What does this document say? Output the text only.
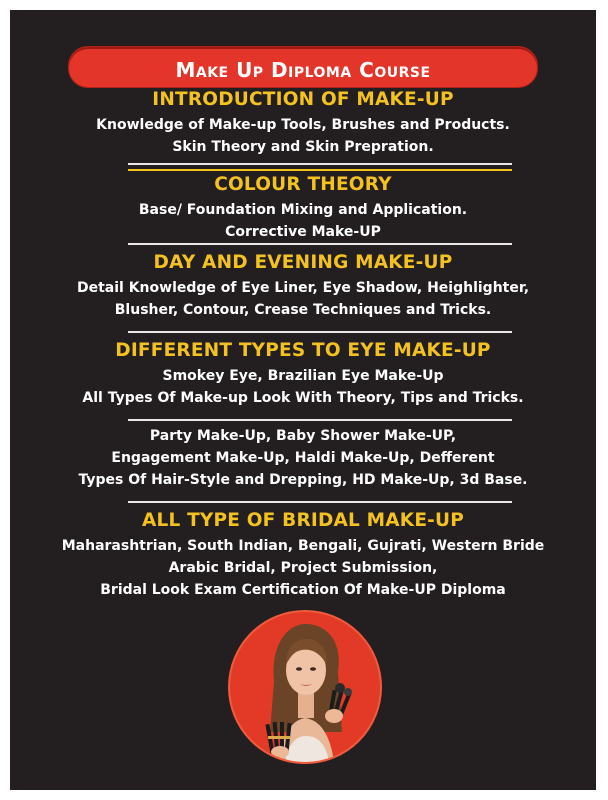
Make Up Diploma Course
INTRODUCTION OF MAKE-UP
Knowledge of Make-up Tools, Brushes and Products.
Skin Theory and Skin Prepration.
COLOUR THEORY
Base/ Foundation Mixing and Application.
Corrective Make-UP
DAY AND EVENING MAKE-UP
Detail Knowledge of Eye Liner, Eye Shadow, Heighlighter,
Blusher, Contour, Crease Techniques and Tricks.
DIFFERENT TYPES TO EYE MAKE-UP
Smokey Eye, Brazilian Eye Make-Up
All Types Of Make-up Look With Theory, Tips and Tricks.
Party Make-Up, Baby Shower Make-UP,
Engagement Make-Up, Haldi Make-Up, Defferent
Types Of Hair-Style and Drepping, HD Make-Up, 3d Base.
ALL TYPE OF BRIDAL MAKE-UP
Maharashtrian, South Indian, Bengali, Gujrati, Western Bride
Arabic Bridal, Project Submission,
Bridal Look Exam Certification Of Make-UP Diploma
